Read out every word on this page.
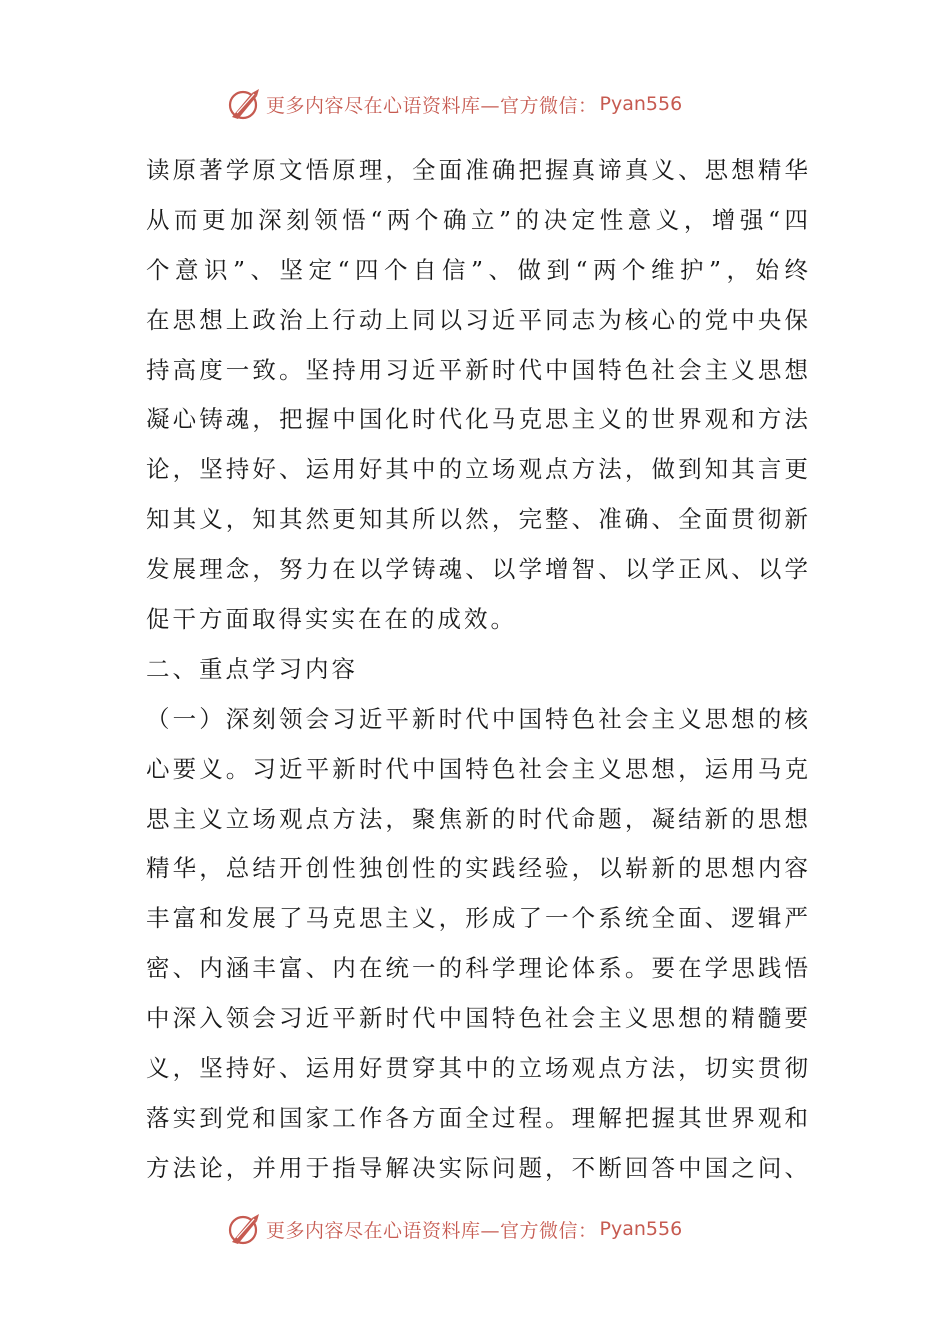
更多内容尽在心语资料库—官方微信： Pyan556
读原著学原文悟原理，全面准确把握真谛真义、思想精华
从而更加深刻领悟“两个确立”的决定性意义，增强“四
个意识”、坚定“四个自信”、做到“两个维护”，始终
在思想上政治上行动上同以习近平同志为核心的党中央保
持高度一致。坚持用习近平新时代中国特色社会主义思想
凝心铸魂，把握中国化时代化马克思主义的世界观和方法
论，坚持好、运用好其中的立场观点方法，做到知其言更
知其义，知其然更知其所以然，完整、准确、全面贯彻新
发展理念，努力在以学铸魂、以学增智、以学正风、以学
促干方面取得实实在在的成效。
二、重点学习内容
（一）深刻领会习近平新时代中国特色社会主义思想的核
心要义。习近平新时代中国特色社会主义思想，运用马克
思主义立场观点方法，聚焦新的时代命题，凝结新的思想
精华，总结开创性独创性的实践经验，以崭新的思想内容
丰富和发展了马克思主义，形成了一个系统全面、逻辑严
密、内涵丰富、内在统一的科学理论体系。要在学思践悟
中深入领会习近平新时代中国特色社会主义思想的精髓要
义，坚持好、运用好贯穿其中的立场观点方法，切实贯彻
落实到党和国家工作各方面全过程。理解把握其世界观和
方法论，并用于指导解决实际问题，不断回答中国之问、
更多内容尽在心语资料库—官方微信： Pyan556
